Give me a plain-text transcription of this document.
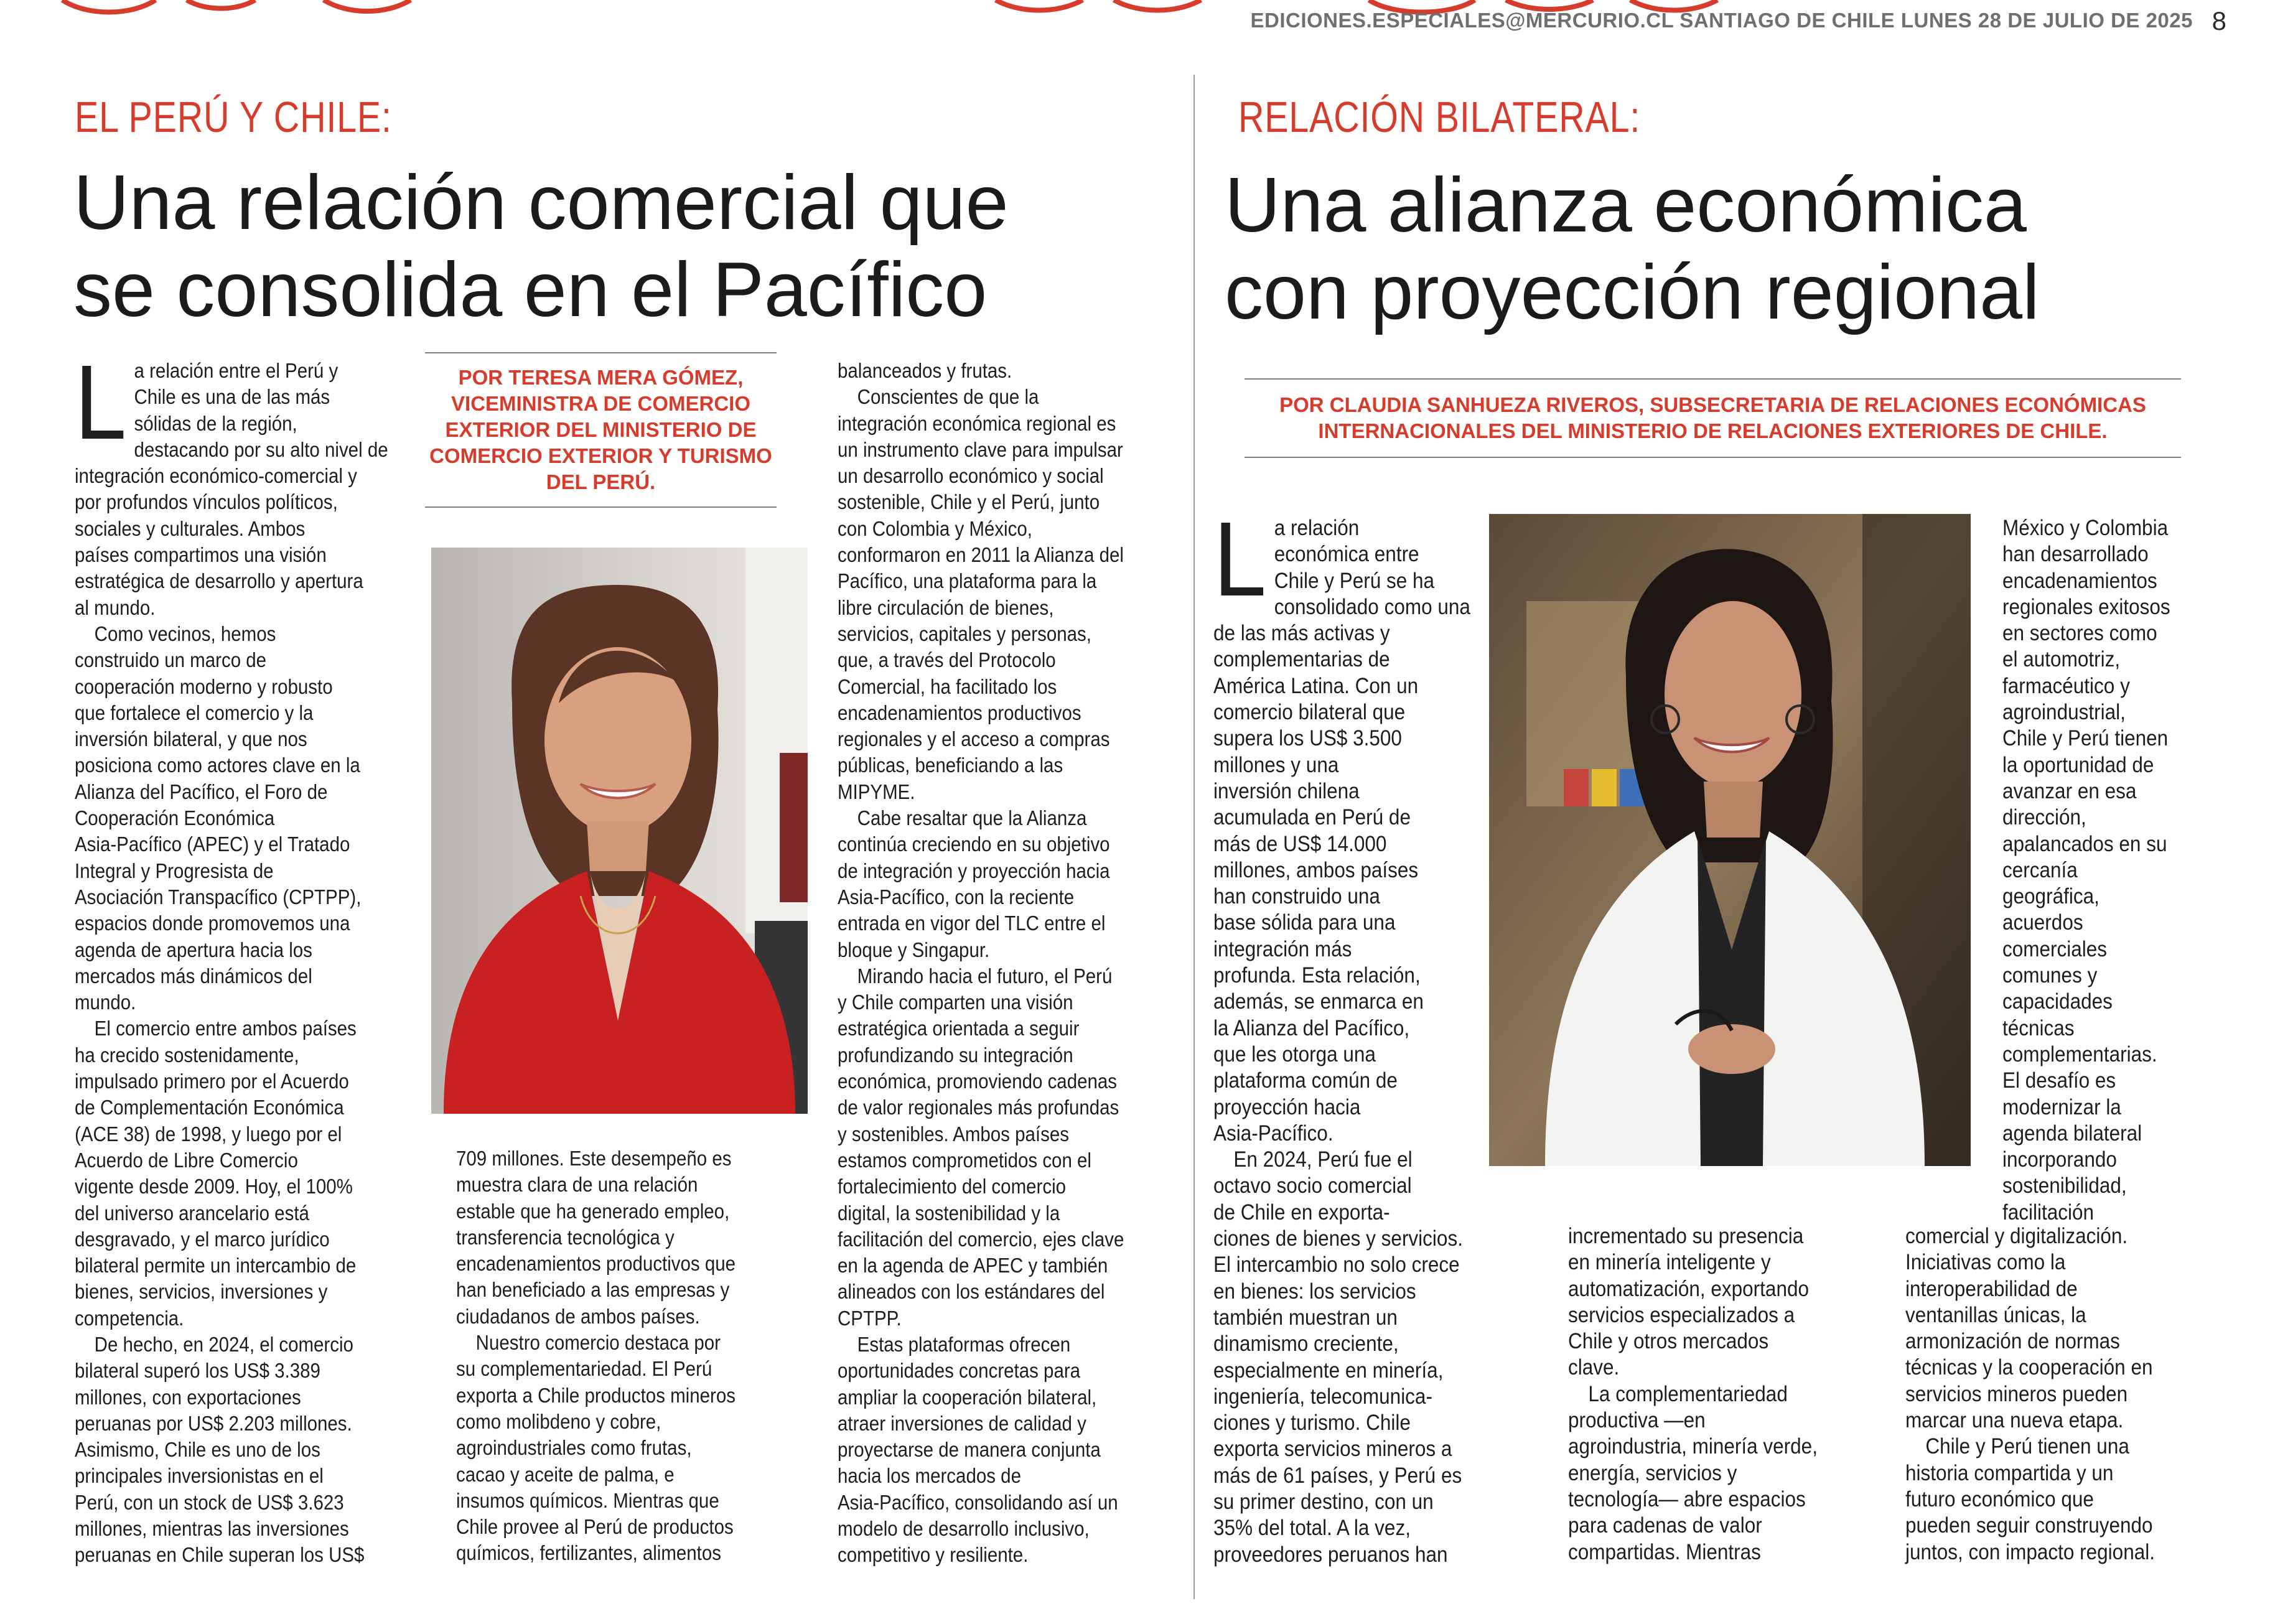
EDICIONES.ESPECIALES@MERCURIO.CL SANTIAGO DE CHILE LUNES 28 DE JULIO DE 2025 8
EL PERÚ Y CHILE:
Una relación comercial que
se consolida en el Pacífico
L a relación entre el Perú y
Chile es una de las más
sólidas de la región,

destacando por su alto nivel de
integración económico-comercial y
por profundos vínculos políticos,
sociales y culturales. Ambos
países compartimos una visión
estratégica de desarrollo y apertura
al mundo.

Como vecinos, hemos
construido un marco de
cooperación moderno y robusto
que fortalece el comercio y la
inversión bilateral, y que nos
posiciona como actores clave en la
Alianza del Pacífico, el Foro de
Cooperación Económica
Asia-Pacífico (APEC) y el Tratado
Integral y Progresista de
Asociación Transpacífico (CPTPP),
espacios donde promovemos una
agenda de apertura hacia los
mercados más dinámicos del
mundo.

El comercio entre ambos países
ha crecido sostenidamente,
impulsado primero por el Acuerdo
de Complementación Económica
(ACE 38) de 1998, y luego por el
Acuerdo de Libre Comercio
vigente desde 2009. Hoy, el 100%
del universo arancelario está
desgravado, y el marco jurídico
bilateral permite un intercambio de
bienes, servicios, inversiones y
competencia.

De hecho, en 2024, el comercio
bilateral superó los US$ 3.389
millones, con exportaciones
peruanas por US$ 2.203 millones.
Asimismo, Chile es uno de los
principales inversionistas en el
Perú, con un stock de US$ 3.623
millones, mientras las inversiones
peruanas en Chile superan los US$

POR TERESA MERA GÓMEZ,
VICEMINISTRA DE COMERCIO
EXTERIOR DEL MINISTERIO DE
COMERCIO EXTERIOR Y TURISMO
DEL PERÚ.

709 millones. Este desempeño es
muestra clara de una relación
estable que ha generado empleo,
transferencia tecnológica y
encadenamientos productivos que
han beneficiado a las empresas y
ciudadanos de ambos países.

Nuestro comercio destaca por
su complementariedad. El Perú
exporta a Chile productos mineros
como molibdeno y cobre,
agroindustriales como frutas,
cacao y aceite de palma, e
insumos químicos. Mientras que
Chile provee al Perú de productos
químicos, fertilizantes, alimentos

balanceados y frutas.

Conscientes de que la
integración económica regional es
un instrumento clave para impulsar
un desarrollo económico y social
sostenible, Chile y el Perú, junto
con Colombia y México,
conformaron en 2011 la Alianza del
Pacífico, una plataforma para la
libre circulación de bienes,
servicios, capitales y personas,
que, a través del Protocolo
Comercial, ha facilitado los
encadenamientos productivos
regionales y el acceso a compras
públicas, beneficiando a las
MIPYME.

Cabe resaltar que la Alianza
continúa creciendo en su objetivo
de integración y proyección hacia
Asia-Pacífico, con la reciente
entrada en vigor del TLC entre el
bloque y Singapur.

Mirando hacia el futuro, el Perú
y Chile comparten una visión
estratégica orientada a seguir
profundizando su integración
económica, promoviendo cadenas
de valor regionales más profundas
y sostenibles. Ambos países
estamos comprometidos con el
fortalecimiento del comercio
digital, la sostenibilidad y la
facilitación del comercio, ejes clave
en la agenda de APEC y también
alineados con los estándares del
CPTPP.

Estas plataformas ofrecen
oportunidades concretas para
ampliar la cooperación bilateral,
atraer inversiones de calidad y
proyectarse de manera conjunta
hacia los mercados de
Asia-Pacífico, consolidando así un
modelo de desarrollo inclusivo,
competitivo y resiliente.

RELACIÓN BILATERAL:
Una alianza económica
con proyección regional
POR CLAUDIA SANHUEZA RIVEROS, SUBSECRETARIA DE RELACIONES ECONÓMICAS
INTERNACIONALES DEL MINISTERIO DE RELACIONES EXTERIORES DE CHILE.
L a relación
económica entre
Chile y Perú se ha

consolidado como una
de las más activas y
complementarias de
América Latina. Con un
comercio bilateral que
supera los US$ 3.500
millones y una
inversión chilena
acumulada en Perú de
más de US$ 14.000
millones, ambos países
han construido una
base sólida para una
integración más
profunda. Esta relación,
además, se enmarca en
la Alianza del Pacífico,
que les otorga una
plataforma común de
proyección hacia
Asia-Pacífico.

En 2024, Perú fue el
octavo socio comercial
de Chile en exporta-
ciones de bienes y servicios.
El intercambio no solo crece
en bienes: los servicios
también muestran un
dinamismo creciente,
especialmente en minería,
ingeniería, telecomunica-
ciones y turismo. Chile
exporta servicios mineros a
más de 61 países, y Perú es
su primer destino, con un
35% del total. A la vez,
proveedores peruanos han

incrementado su presencia
en minería inteligente y
automatización, exportando
servicios especializados a
Chile y otros mercados
clave.

La complementariedad
productiva —en
agroindustria, minería verde,
energía, servicios y
tecnología— abre espacios
para cadenas de valor
compartidas. Mientras

México y Colombia
han desarrollado
encadenamientos
regionales exitosos
en sectores como
el automotriz,
farmacéutico y
agroindustrial,
Chile y Perú tienen
la oportunidad de
avanzar en esa
dirección,
apalancados en su
cercanía
geográfica,
acuerdos
comerciales
comunes y
capacidades
técnicas
complementarias.

El desafío es
modernizar la
agenda bilateral
incorporando
sostenibilidad,
facilitación

comercial y digitalización.
Iniciativas como la
interoperabilidad de
ventanillas únicas, la
armonización de normas
técnicas y la cooperación en
servicios mineros pueden
marcar una nueva etapa.

Chile y Perú tienen una
historia compartida y un
futuro económico que
pueden seguir construyendo
juntos, con impacto regional.
